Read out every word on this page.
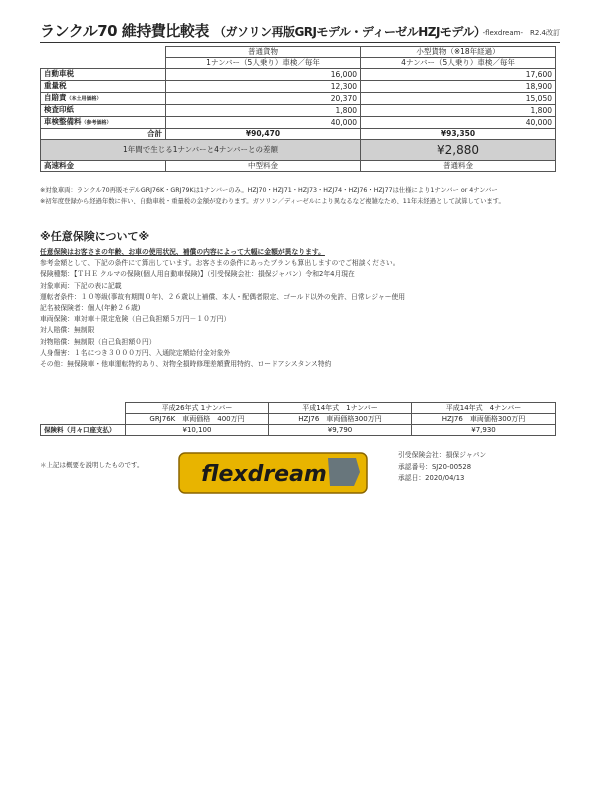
ランクル70 維持費比較表 （ガソリン再版GRJモデル・ディーゼルHZJモデル）
-flexdream-　R2.4改訂
	普通貨物	小型貨物（※18年経過）
	1ナンバー（5人乗り）車検／毎年	4ナンバー（5人乗り）車検／毎年
自動車税	16,000	17,600
重量税	12,300	18,900
自賠責（本土用価格）	20,370	15,050
検査印紙	1,800	1,800
車検整備料（参考価格）	40,000	40,000
合計	¥90,470	¥93,350
1年間で生じる1ナンバーと4ナンバーとの差額		¥2,880
高速料金	中型料金	普通料金
※対象車両：ランクル70再販モデルGRJ76K・GRJ79Kは1ナンバーのみ。HZJ70・HZJ71・HZJ73・HZJ74・HZJ76・HZJ77は仕様により1ナンバー or 4ナンバー
※初年度登録から経過年数に伴い、自動車税・重量税の金額が変わります。ガソリン／ディーゼルにより異なるなど複雑なため、11年未経過として試算しています。
※任意保険について※
任意保険はお客さまの年齢、お車の使用状況、補償の内容によって大幅に金額が異なります。
参考金額として、下記の条件にて算出しています。お客さまの条件にあったプランも算出しますのでご相談ください。
保険種類：【ＴＨＥ クルマの保険(個人用自動車保険)】（引受保険会社：損保ジャパン）令和2年4月現在
対象車両：下記の表に記載
運転者条件：１０等級(事故有期間０年)、２６歳以上補償、本人・配偶者限定、ゴールド以外の免許、日常レジャー使用
記名被保険者：個人(年齢２６歳)
車両保険：車対車＋限定危険（自己負担額５万円－１０万円）
対人賠償：無制限
対物賠償：無制限（自己負担額０円）
人身傷害：１名につき３０００万円、入通院定額給付金対象外
その他：無保険車・他車運転特約あり、対物全損時修理差額費用特約、ロードアシスタンス特約
	平成26年式 1ナンバー	平成14年式　1ナンバー	平成14年式　4ナンバー
	GRJ76K　車両価格　400万円	HZJ76　車両価格300万円	HZJ76　車両価格300万円
保険料（月々口座支払）	¥10,100	¥9,790	¥7,930
＊上記は概要を説明したものです。	flexdream
引受保険会社：損保ジャパン
承認番号：SJ20-00528
承認日：2020/04/13
